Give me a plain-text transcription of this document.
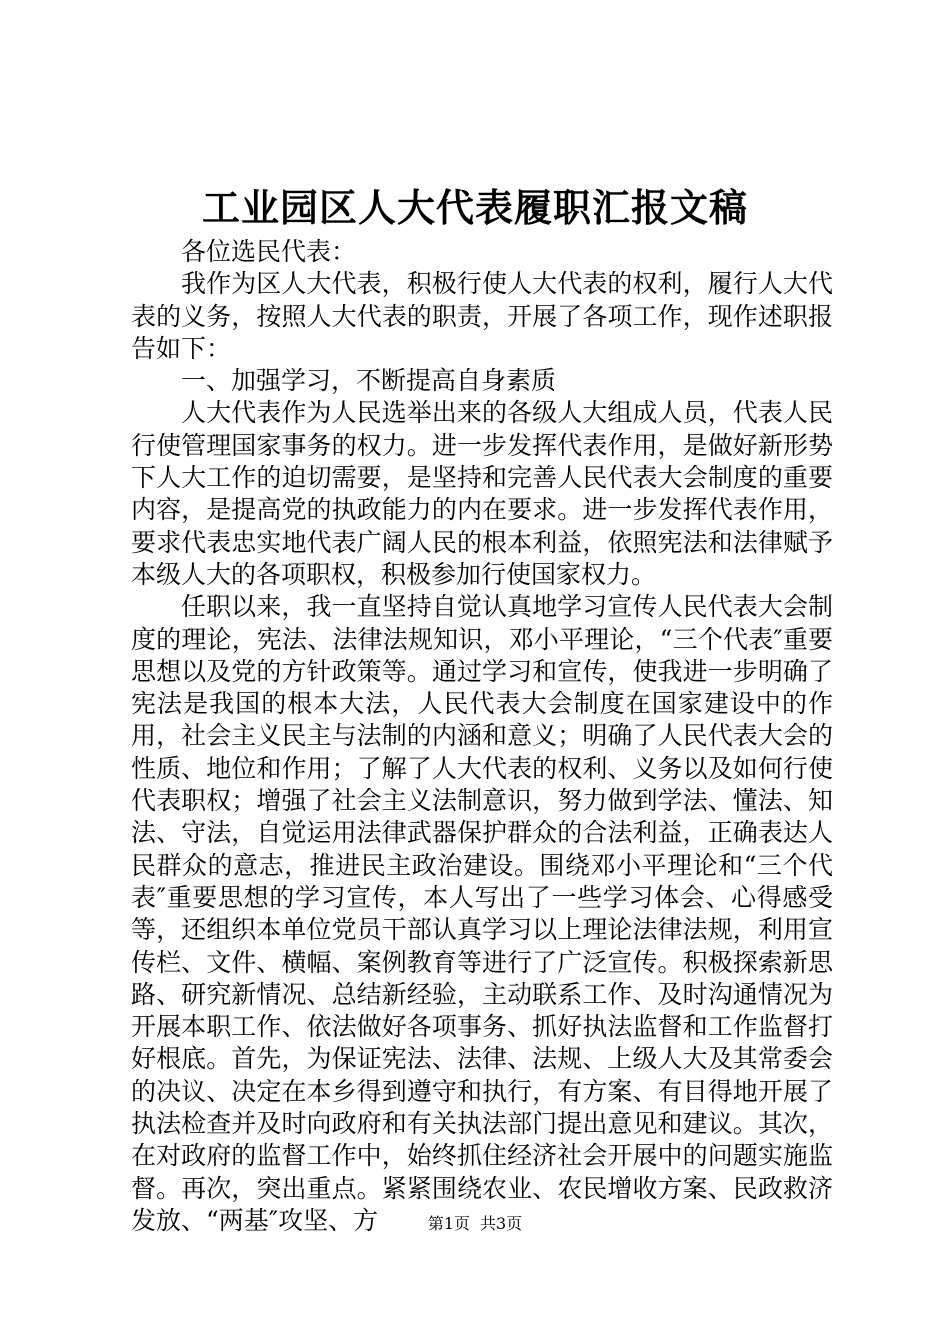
工业园区人大代表履职汇报文稿

各位选民代表：

我作为区人大代表，积极行使人大代表的权利，履行人大代表的义务，按照人大代表的职责，开展了各项工作，现作述职报告如下：

一、加强学习，不断提高自身素质

人大代表作为人民选举出来的各级人大组成人员，代表人民行使管理国家事务的权力。进一步发挥代表作用，是做好新形势下人大工作的迫切需要，是坚持和完善人民代表大会制度的重要内容，是提高党的执政能力的内在要求。进一步发挥代表作用，要求代表忠实地代表广阔人民的根本利益，依照宪法和法律赋予本级人大的各项职权，积极参加行使国家权力。

任职以来，我一直坚持自觉认真地学习宣传人民代表大会制度的理论，宪法、法律法规知识，邓小平理论，“三个代表″重要思想以及党的方针政策等。通过学习和宣传，使我进一步明确了宪法是我国的根本大法，人民代表大会制度在国家建设中的作用，社会主义民主与法制的内涵和意义；明确了人民代表大会的性质、地位和作用；了解了人大代表的权利、义务以及如何行使代表职权；增强了社会主义法制意识，努力做到学法、懂法、知法、守法，自觉运用法律武器保护群众的合法利益，正确表达人民群众的意志，推进民主政治建设。围绕邓小平理论和“三个代表″重要思想的学习宣传，本人写出了一些学习体会、心得感受等，还组织本单位党员干部认真学习以上理论法律法规，利用宣传栏、文件、横幅、案例教育等进行了广泛宣传。积极探索新思路、研究新情况、总结新经验，主动联系工作、及时沟通情况为开展本职工作、依法做好各项事务、抓好执法监督和工作监督打好根底。首先，为保证宪法、法律、法规、上级人大及其常委会的决议、决定在本乡得到遵守和执行，有方案、有目得地开展了执法检查并及时向政府和有关执法部门提出意见和建议。其次，在对政府的监督工作中，始终抓住经济社会开展中的问题实施监督。再次，突出重点。紧紧围绕农业、农民增收方案、民政救济发放、“两基″攻坚、方	第1页 共3页
